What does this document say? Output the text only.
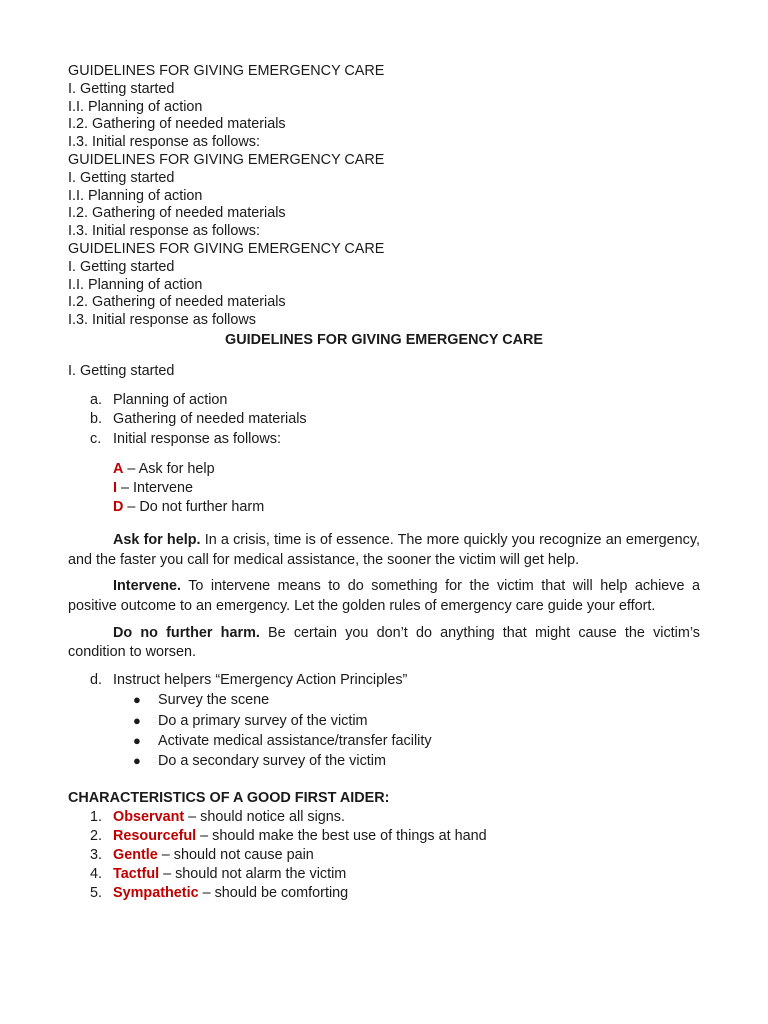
GUIDELINES FOR GIVING EMERGENCY CARE
I. Getting started
I.I. Planning of action
I.2. Gathering of needed materials
I.3. Initial response as follows:
GUIDELINES FOR GIVING EMERGENCY CARE
I. Getting started
I.I. Planning of action
I.2. Gathering of needed materials
I.3. Initial response as follows:
GUIDELINES FOR GIVING EMERGENCY CARE
I. Getting started
I.I. Planning of action
I.2. Gathering of needed materials
I.3. Initial response as follows
GUIDELINES FOR GIVING EMERGENCY CARE
I. Getting started
a. Planning of action
b. Gathering of needed materials
c. Initial response as follows:
A – Ask for help
I – Intervene
D – Do not further harm

Ask for help. In a crisis, time is of essence. The more quickly you recognize an emergency, and the faster you call for medical assistance, the sooner the victim will get help.

Intervene. To intervene means to do something for the victim that will help achieve a positive outcome to an emergency. Let the golden rules of emergency care guide your effort.

Do no further harm. Be certain you don’t do anything that might cause the victim’s condition to worsen.

d. Instruct helpers “Emergency Action Principles”
● Survey the scene
● Do a primary survey of the victim
● Activate medical assistance/transfer facility
● Do a secondary survey of the victim
CHARACTERISTICS OF A GOOD FIRST AIDER:
1. Observant – should notice all signs.
2. Resourceful – should make the best use of things at hand
3. Gentle – should not cause pain
4. Tactful – should not alarm the victim
5. Sympathetic – should be comforting
